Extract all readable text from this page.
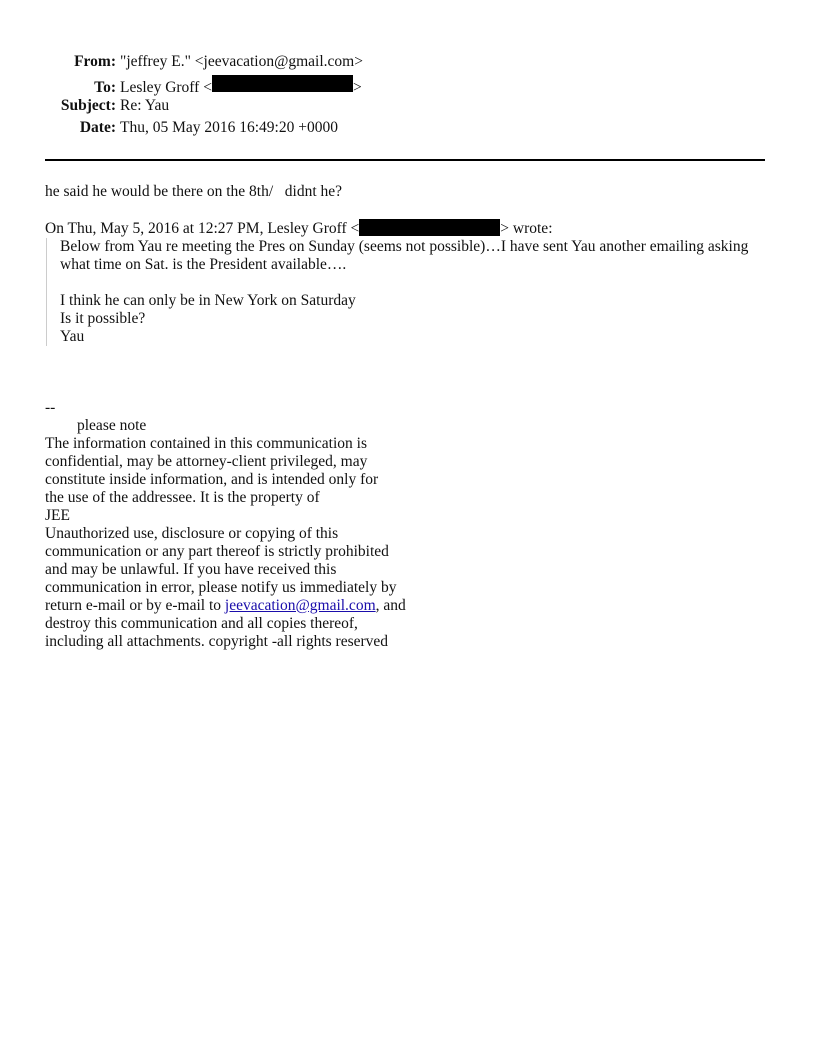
From: "jeffrey E." <jeevacation@gmail.com>
To: Lesley Groff <	>
Subject: Re: Yau
Date: Thu, 05 May 2016 16:49:20 +0000
he said he would be there on the 8th/   didnt he?
On Thu, May 5, 2016 at 12:27 PM, Lesley Groff <	> wrote:
Below from Yau re meeting the Pres on Sunday (seems not possible)…I have sent Yau another emailing asking what time on Sat. is the President available….
I think he can only be in New York on Saturday
Is it possible?
Yau
--
please note
The information contained in this communication is
confidential, may be attorney-client privileged, may
constitute inside information, and is intended only for
the use of the addressee. It is the property of
JEE
Unauthorized use, disclosure or copying of this
communication or any part thereof is strictly prohibited
and may be unlawful. If you have received this
communication in error, please notify us immediately by
return e-mail or by e-mail to jeevacation@gmail.com, and
destroy this communication and all copies thereof,
including all attachments. copyright -all rights reserved
